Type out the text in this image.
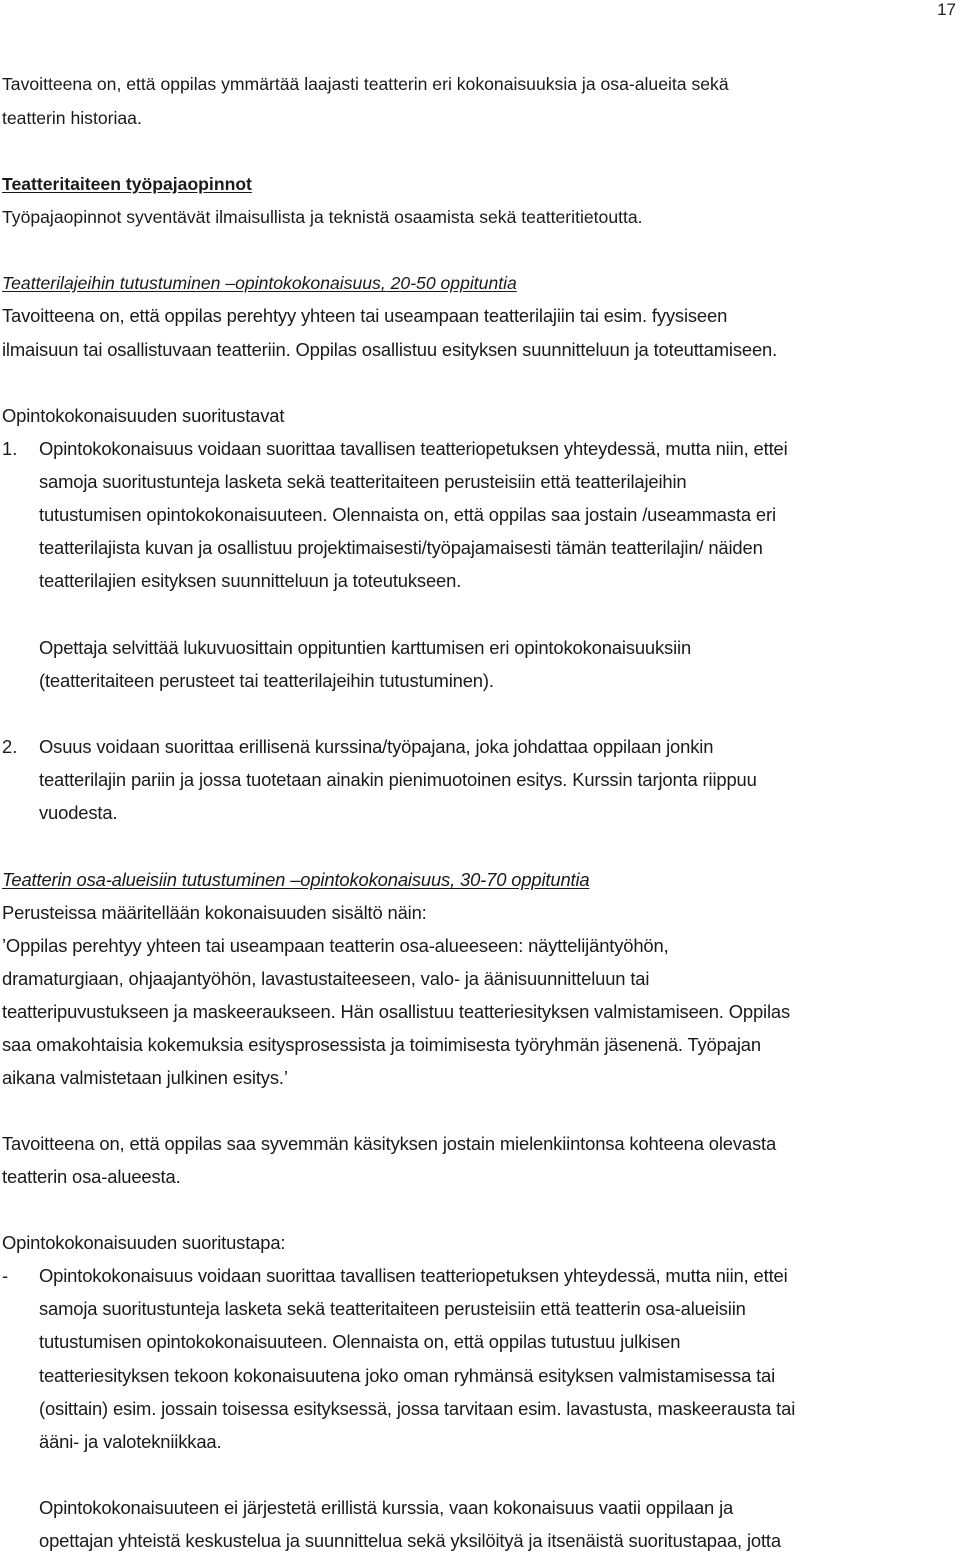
17
Tavoitteena on, että oppilas ymmärtää laajasti teatterin eri kokonaisuuksia ja osa-alueita sekä
teatterin historiaa.
Teatteritaiteen työpajaopinnot
Työpajaopinnot syventävät ilmaisullista ja teknistä osaamista sekä teatteritietoutta.
Teatterilajeihin tutustuminen –opintokokonaisuus, 20-50 oppituntia
Tavoitteena on, että oppilas perehtyy yhteen tai useampaan teatterilajiin tai esim. fyysiseen
ilmaisuun tai osallistuvaan teatteriin. Oppilas osallistuu esityksen suunnitteluun ja toteuttamiseen.
Opintokokonaisuuden suoritustavat
1. Opintokokonaisuus voidaan suorittaa tavallisen teatteriopetuksen yhteydessä, mutta niin, ettei
samoja suoritustunteja lasketa sekä teatteritaiteen perusteisiin että teatterilajeihin
tutustumisen opintokokonaisuuteen. Olennaista on, että oppilas saa jostain /useammasta eri
teatterilajista kuvan ja osallistuu projektimaisesti/työpajamaisesti tämän teatterilajin/ näiden
teatterilajien esityksen suunnitteluun ja toteutukseen.
Opettaja selvittää lukuvuosittain oppituntien karttumisen eri opintokokonaisuuksiin
(teatteritaiteen perusteet tai teatterilajeihin tutustuminen).
2. Osuus voidaan suorittaa erillisenä kurssina/työpajana, joka johdattaa oppilaan jonkin
teatterilajin pariin ja jossa tuotetaan ainakin pienimuotoinen esitys. Kurssin tarjonta riippuu
vuodesta.
Teatterin osa-alueisiin tutustuminen –opintokokonaisuus, 30-70 oppituntia
Perusteissa määritellään kokonaisuuden sisältö näin:
’Oppilas perehtyy yhteen tai useampaan teatterin osa-alueeseen: näyttelijäntyöhön,
dramaturgiaan, ohjaajantyöhön, lavastustaiteeseen, valo- ja äänisuunnitteluun tai
teatteripuvustukseen ja maskeeraukseen. Hän osallistuu teatteriesityksen valmistamiseen. Oppilas
saa omakohtaisia kokemuksia esitysprosessista ja toimimisesta työryhmän jäsenenä. Työpajan
aikana valmistetaan julkinen esitys.’
Tavoitteena on, että oppilas saa syvemmän käsityksen jostain mielenkiintonsa kohteena olevasta
teatterin osa-alueesta.
Opintokokonaisuuden suoritustapa:
- Opintokokonaisuus voidaan suorittaa tavallisen teatteriopetuksen yhteydessä, mutta niin, ettei
samoja suoritustunteja lasketa sekä teatteritaiteen perusteisiin että teatterin osa-alueisiin
tutustumisen opintokokonaisuuteen. Olennaista on, että oppilas tutustuu julkisen
teatteriesityksen tekoon kokonaisuutena joko oman ryhmänsä esityksen valmistamisessa tai
(osittain) esim. jossain toisessa esityksessä, jossa tarvitaan esim. lavastusta, maskeerausta tai
ääni- ja valotekniikkaa.
Opintokokonaisuuteen ei järjestetä erillistä kurssia, vaan kokonaisuus vaatii oppilaan ja
opettajan yhteistä keskustelua ja suunnittelua sekä yksilöityä ja itsenäistä suoritustapaa, jotta
